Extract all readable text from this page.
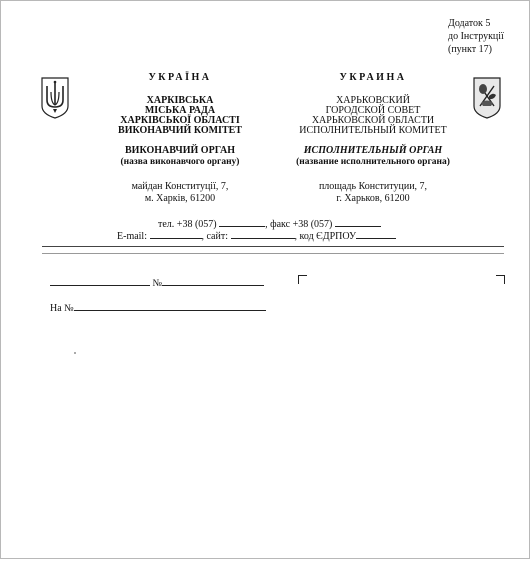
Додаток 5
до Інструкції
(пункт 17)
УКРАЇНА
ХАРКІВСЬКА
МІСЬКА РАДА
ХАРКІВСЬКОЇ ОБЛАСТІ
ВИКОНАВЧИЙ КОМІТЕТ
ВИКОНАВЧИЙ ОРГАН
(назва виконавчого органу)
майдан Конституції, 7,
м. Харків, 61200
УКРАИНА
ХАРЬКОВСКИЙ
ГОРОДСКОЙ СОВЕТ
ХАРЬКОВСКОЙ ОБЛАСТИ
ИСПОЛНИТЕЛЬНЫЙ КОМИТЕТ
ИСПОЛНИТЕЛЬНЫЙ ОРГАН
(название исполнительного органа)
площадь Конституции, 7,
г. Харьков, 61200
тел. +38 (057)	, факс +38 (057)
E-mail:	, сайт:	, код ЄДРПОУ
№
На №
